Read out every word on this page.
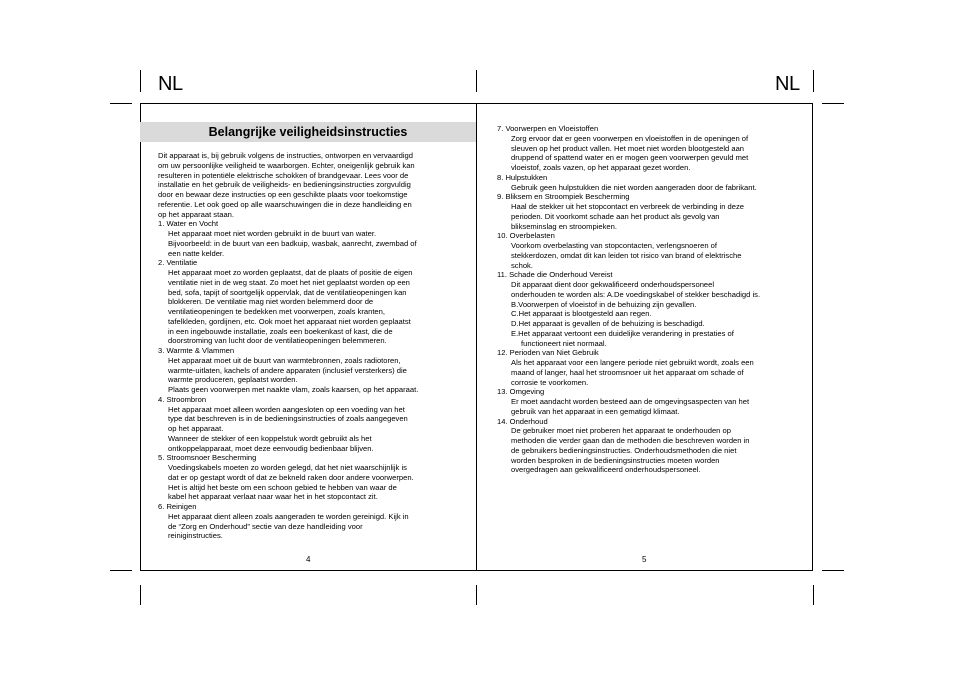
NL	NL
Belangrijke veiligheidsinstructies
Dit apparaat is, bij gebruik volgens de instructies, ontworpen en vervaardigd
om uw persoonlijke veiligheid te waarborgen. Echter, oneigenlijk gebruik kan
resulteren in potentiële elektrische schokken of brandgevaar. Lees voor de
installatie en het gebruik de veiligheids- en bedieningsinstructies zorgvuldig
door en bewaar deze instructies op een geschikte plaats voor toekomstige
referentie. Let ook goed op alle waarschuwingen die in deze handleiding en
op het apparaat staan.
1. Water en Vocht
Het apparaat moet niet worden gebruikt in de buurt van water.
Bijvoorbeeld: in de buurt van een badkuip, wasbak, aanrecht, zwembad of
een natte kelder.
2. Ventilatie
Het apparaat moet zo worden geplaatst, dat de plaats of positie de eigen
ventilatie niet in de weg staat. Zo moet het niet geplaatst worden op een
bed, sofa, tapijt of soortgelijk oppervlak, dat de ventilatieopeningen kan
blokkeren. De ventilatie mag niet worden belemmerd door de
ventilatieopeningen te bedekken met voorwerpen, zoals kranten,
tafelkleden, gordijnen, etc. Ook moet het apparaat niet worden geplaatst
in een ingebouwde installatie, zoals een boekenkast of kast, die de
doorstroming van lucht door de ventilatieopeningen belemmeren.
3. Warmte & Vlammen
Het apparaat moet uit de buurt van warmtebronnen, zoals radiotoren,
warmte-uitlaten, kachels of andere apparaten (inclusief versterkers) die
warmte produceren, geplaatst worden.
Plaats geen voorwerpen met naakte vlam, zoals kaarsen, op het apparaat.
4. Stroombron
Het apparaat moet alleen worden aangesloten op een voeding van het
type dat beschreven is in de bedieningsinstructies of zoals aangegeven
op het apparaat.
Wanneer de stekker of een koppelstuk wordt gebruikt als het
ontkoppelapparaat, moet deze eenvoudig bedienbaar blijven.
5. Stroomsnoer Bescherming
Voedingskabels moeten zo worden gelegd, dat het niet waarschijnlijk is
dat er op gestapt wordt of dat ze bekneld raken door andere voorwerpen.
Het is altijd het beste om een schoon gebied te hebben van waar de
kabel het apparaat verlaat naar waar het in het stopcontact zit.
6. Reinigen
Het apparaat dient alleen zoals aangeraden te worden gereinigd. Kijk in
de “Zorg en Onderhoud” sectie van deze handleiding voor
reiniginstructies.
7. Voorwerpen en Vloeistoffen
Zorg ervoor dat er geen voorwerpen en vloeistoffen in de openingen of
sleuven op het product vallen. Het moet niet worden blootgesteld aan
druppend of spattend water en er mogen geen voorwerpen gevuld met
vloeistof, zoals vazen, op het apparaat gezet worden.
8. Hulpstukken
Gebruik geen hulpstukken die niet worden aangeraden door de fabrikant.
9. Bliksem en Stroompiek Bescherming
Haal de stekker uit het stopcontact en verbreek de verbinding in deze
perioden. Dit voorkomt schade aan het product als gevolg van
blikseminslag en stroompieken.
10. Overbelasten
Voorkom overbelasting van stopcontacten, verlengsnoeren of
stekkerdozen, omdat dit kan leiden tot risico van brand of elektrische
schok.
11. Schade die Onderhoud Vereist
Dit apparaat dient door gekwalificeerd onderhoudspersoneel
onderhouden te worden als: A.De voedingskabel of stekker beschadigd is.
B.Voorwerpen of vloeistof in de behuizing zijn gevallen.
C.Het apparaat is blootgesteld aan regen.
D.Het apparaat is gevallen of de behuizing is beschadigd.
E.Het apparaat vertoont een duidelijke verandering in prestaties of
functioneert niet normaal.
12. Perioden van Niet Gebruik
Als het apparaat voor een langere periode niet gebruikt wordt, zoals een
maand of langer, haal het stroomsnoer uit het apparaat om schade of
corrosie te voorkomen.
13. Omgeving
Er moet aandacht worden besteed aan de omgevingsaspecten van het
gebruik van het apparaat in een gematigd klimaat.
14. Onderhoud
De gebruiker moet niet proberen het apparaat te onderhouden op
methoden die verder gaan dan de methoden die beschreven worden in
de gebruikers bedieningsinstructies. Onderhoudsmethoden die niet
worden besproken in de bedieningsinstructies moeten worden
overgedragen aan gekwalificeerd onderhoudspersoneel.
4	5
